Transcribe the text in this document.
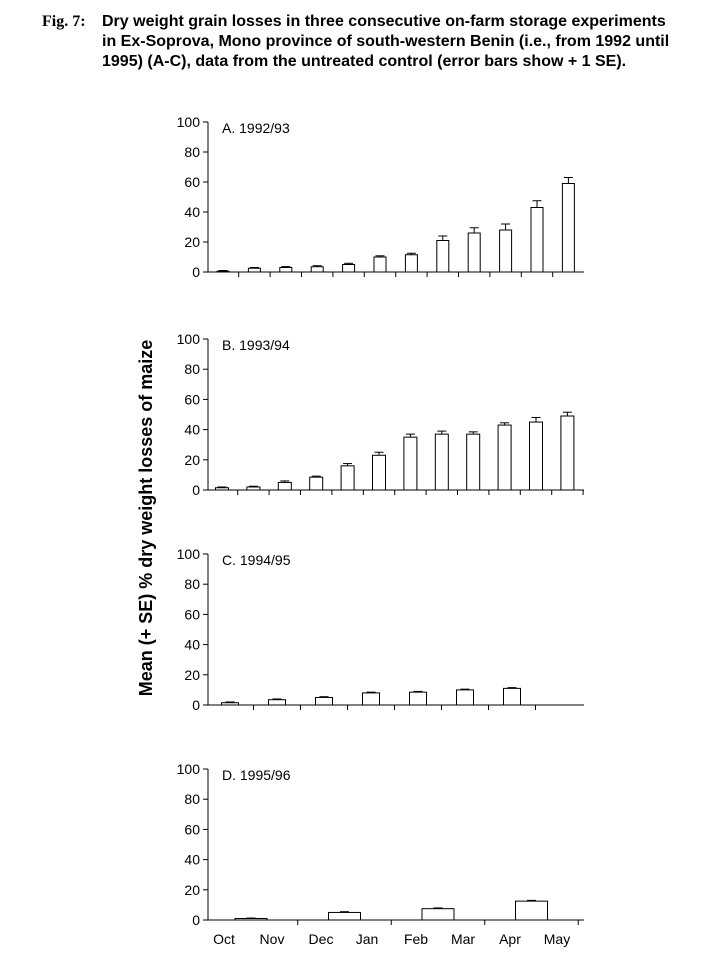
Fig. 7: Dry weight grain losses in three consecutive on-farm storage experiments in Ex-Soprova, Mono province of south-western Benin (i.e., from 1992 until 1995) (A-C), data from the untreated control (error bars show + 1 SE).
Mean (+ SE) % dry weight losses of maize
0
20
40
60
80
100 A. 1992/93
0
20
40
60
80
100 B. 1993/94
0
20
40
60
80
100 C. 1994/95
0
20
40
60
80
100 D. 1995/96
Oct Nov Dec Jan Feb Mar Apr May
